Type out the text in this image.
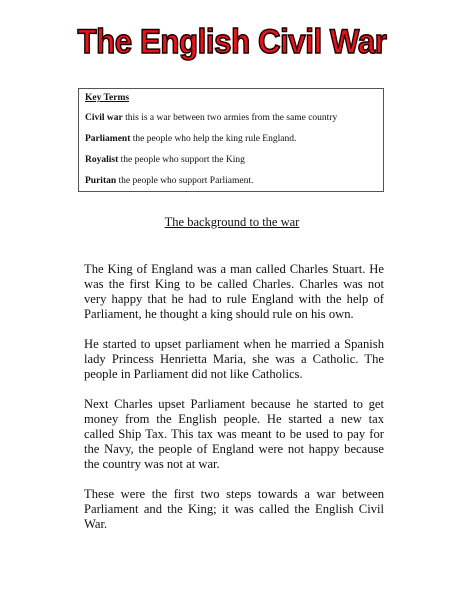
The English Civil War
Key Terms
Civil war this is a war between two armies from the same country
Parliament the people who help the king rule England.
Royalist the people who support the King
Puritan the people who support Parliament.
The background to the war

The King of England was a man called Charles Stuart. He was the first King to be called Charles. Charles was not very happy that he had to rule England with the help of Parliament, he thought a king should rule on his own.

He started to upset parliament when he married a Spanish lady Princess Henrietta Maria, she was a Catholic. The people in Parliament did not like Catholics.

Next Charles upset Parliament because he started to get money from the English people. He started a new tax called Ship Tax. This tax was meant to be used to pay for the Navy, the people of England were not happy because the country was not at war.

These were the first two steps towards a war between Parliament and the King; it was called the English Civil War.
